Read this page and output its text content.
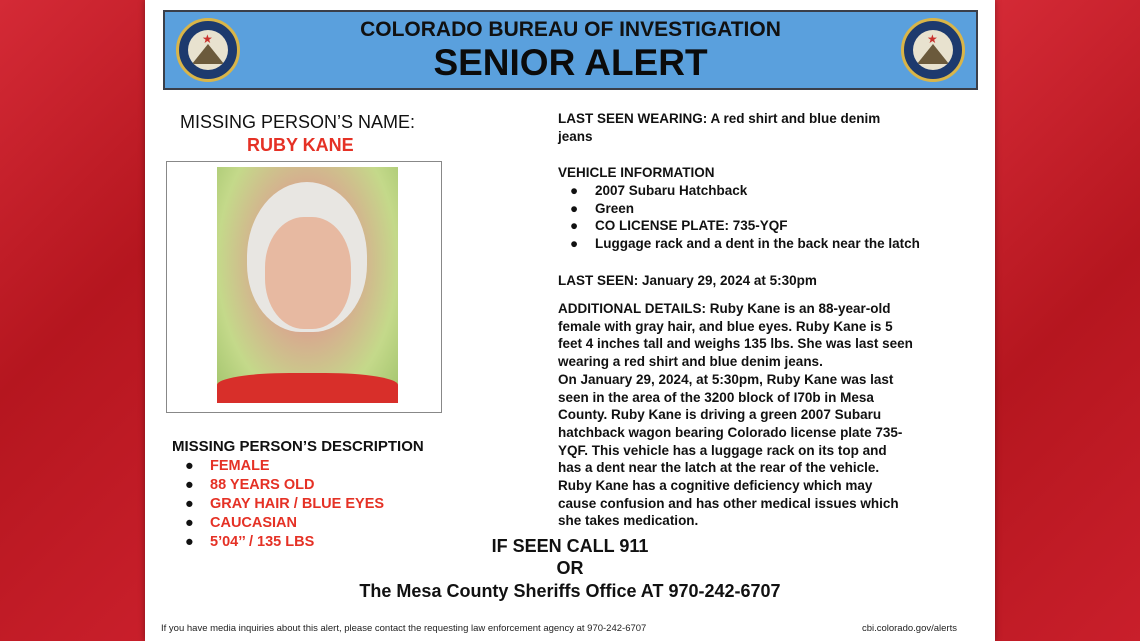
★	COLORADO BUREAU OF INVESTIGATION
SENIOR ALERT
★
MISSING PERSON’S NAME:
RUBY KANE
MISSING PERSON’S DESCRIPTION
● FEMALE
● 88 YEARS OLD
● GRAY HAIR / BLUE EYES
● CAUCASIAN
● 5’04’’ / 135 LBS
LAST SEEN WEARING: A red shirt and blue denim
jeans
VEHICLE INFORMATION
● 2007 Subaru Hatchback
● Green
● CO LICENSE PLATE: 735-YQF
● Luggage rack and a dent in the back near the latch
LAST SEEN: January 29, 2024 at 5:30pm
ADDITIONAL DETAILS: Ruby Kane is an 88-year-old
female with gray hair, and blue eyes. Ruby Kane is 5
feet 4 inches tall and weighs 135 lbs. She was last seen
wearing a red shirt and blue denim jeans.
On January 29, 2024, at 5:30pm, Ruby Kane was last
seen in the area of the 3200 block of I70b in Mesa
County. Ruby Kane is driving a green 2007 Subaru
hatchback wagon bearing Colorado license plate 735-
YQF. This vehicle has a luggage rack on its top and
has a dent near the latch at the rear of the vehicle.
Ruby Kane has a cognitive deficiency which may
cause confusion and has other medical issues which
she takes medication.
IF SEEN CALL 911
OR
The Mesa County Sheriffs Office AT 970-242-6707
If you have media inquiries about this alert, please contact the requesting law enforcement agency at 970-242-6707	cbi.colorado.gov/alerts
